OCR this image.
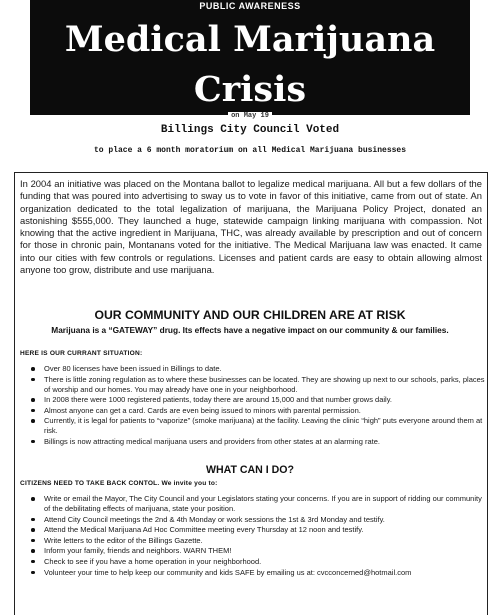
PUBLIC AWARENESS
Medical Marijuana
Crisis
on May 19
Billings City Council Voted
to place a 6 month moratorium on all Medical Marijuana businesses

In 2004 an initiative was placed on the Montana ballot to legalize medical marijuana. All but a few dollars of the funding that was poured into advertising to sway us to vote in favor of this initiative, came from out of state. An organization dedicated to the total legalization of marijuana, the Marijuana Policy Project, donated an astonishing $555,000. They launched a huge, statewide campaign linking marijuana with compassion. Not knowing that the active ingredient in Marijuana, THC, was already available by prescription and out of concern for those in chronic pain, Montanans voted for the initiative. The Medical Marijuana law was enacted. It came into our cities with few controls or regulations. Licenses and patient cards are easy to obtain allowing almost anyone too grow, distribute and use marijuana.

OUR COMMUNITY AND OUR CHILDREN ARE AT RISK
Marijuana is a “GATEWAY” drug. Its effects have a negative impact on our community & our families.
HERE IS OUR CURRANT SITUATION:
Over 80 licenses have been issued in Billings to date.
There is little zoning regulation as to where these businesses can be located. They are showing up next to our schools, parks, places of worship and our homes. You may already have one in your neighborhood.
In 2008 there were 1000 registered patients, today there are around 15,000 and that number grows daily.
Almost anyone can get a card. Cards are even being issued to minors with parental permission.
Currently, it is legal for patients to “vaporize” (smoke marijuana) at the facility. Leaving the clinic “high” puts everyone around them at risk.
Billings is now attracting medical marijuana users and providers from other states at an alarming rate.
WHAT CAN I DO?
CITIZENS NEED TO TAKE BACK CONTOL. We invite you to:
Write or email the Mayor, The City Council and your Legislators stating your concerns. If you are in support of ridding our community of the debilitating effects of marijuana, state your position.
Attend City Council meetings the 2nd & 4th Monday or work sessions the 1st & 3rd Monday and testify.
Attend the Medical Marijuana Ad Hoc Committee meeting every Thursday at 12 noon and testify.
Write letters to the editor of the Billings Gazette.
Inform your family, friends and neighbors. WARN THEM!
Check to see if you have a home operation in your neighborhood.
Volunteer your time to help keep our community and kids SAFE by emailing us at: cvcconcerned@hotmail.com
